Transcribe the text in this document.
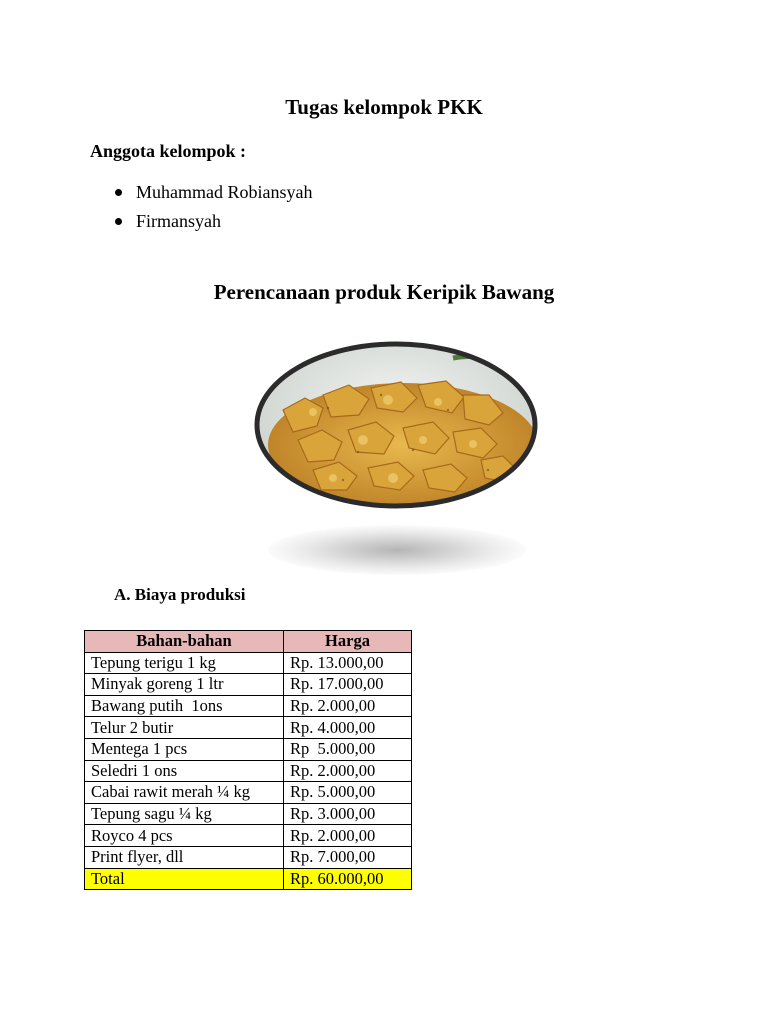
Tugas kelompok PKK
Anggota kelompok :
Muhammad Robiansyah
Firmansyah
Perencanaan produk Keripik Bawang
A. Biaya produksi
Bahan-bahan	Harga
Tepung terigu 1 kg	Rp. 13.000,00
Minyak goreng 1 ltr	Rp. 17.000,00
Bawang putih  1ons	Rp. 2.000,00
Telur 2 butir	Rp. 4.000,00
Mentega 1 pcs	Rp  5.000,00
Seledri 1 ons	Rp. 2.000,00
Cabai rawit merah ¼ kg	Rp. 5.000,00
Tepung sagu ¼ kg	Rp. 3.000,00
Royco 4 pcs	Rp. 2.000,00
Print flyer, dll	Rp. 7.000,00
Total	Rp. 60.000,00
